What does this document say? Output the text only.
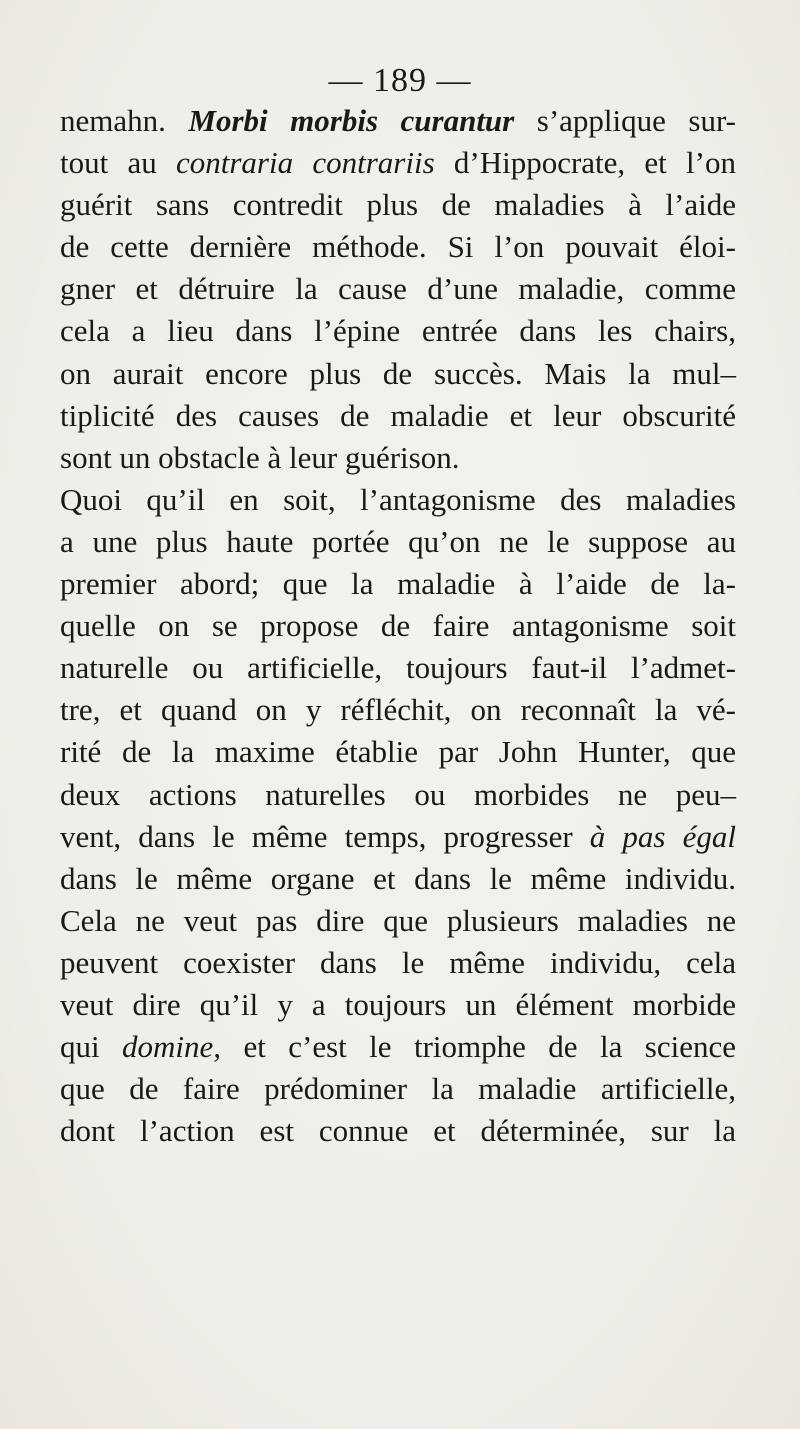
— 189 —
nemahn. Morbi morbis curantur s’applique sur-
tout au contraria contrariis d’Hippocrate, et l’on
guérit sans contredit plus de maladies à l’aide
de cette dernière méthode. Si l’on pouvait éloi-
gner et détruire la cause d’une maladie, comme
cela a lieu dans l’épine entrée dans les chairs,
on aurait encore plus de succès. Mais la mul–
tiplicité des causes de maladie et leur obscurité
sont un obstacle à leur guérison.
Quoi qu’il en soit, l’antagonisme des maladies
a une plus haute portée qu’on ne le suppose au
premier abord; que la maladie à l’aide de la-
quelle on se propose de faire antagonisme soit
naturelle ou artificielle, toujours faut-il l’admet-
tre, et quand on y réfléchit, on reconnaît la vé-
rité de la maxime établie par John Hunter, que
deux actions naturelles ou morbides ne peu–
vent, dans le même temps, progresser à pas égal
dans le même organe et dans le même individu.
Cela ne veut pas dire que plusieurs maladies ne
peuvent coexister dans le même individu, cela
veut dire qu’il y a toujours un élément morbide
qui domine, et c’est le triomphe de la science
que de faire prédominer la maladie artificielle,
dont l’action est connue et déterminée, sur la
